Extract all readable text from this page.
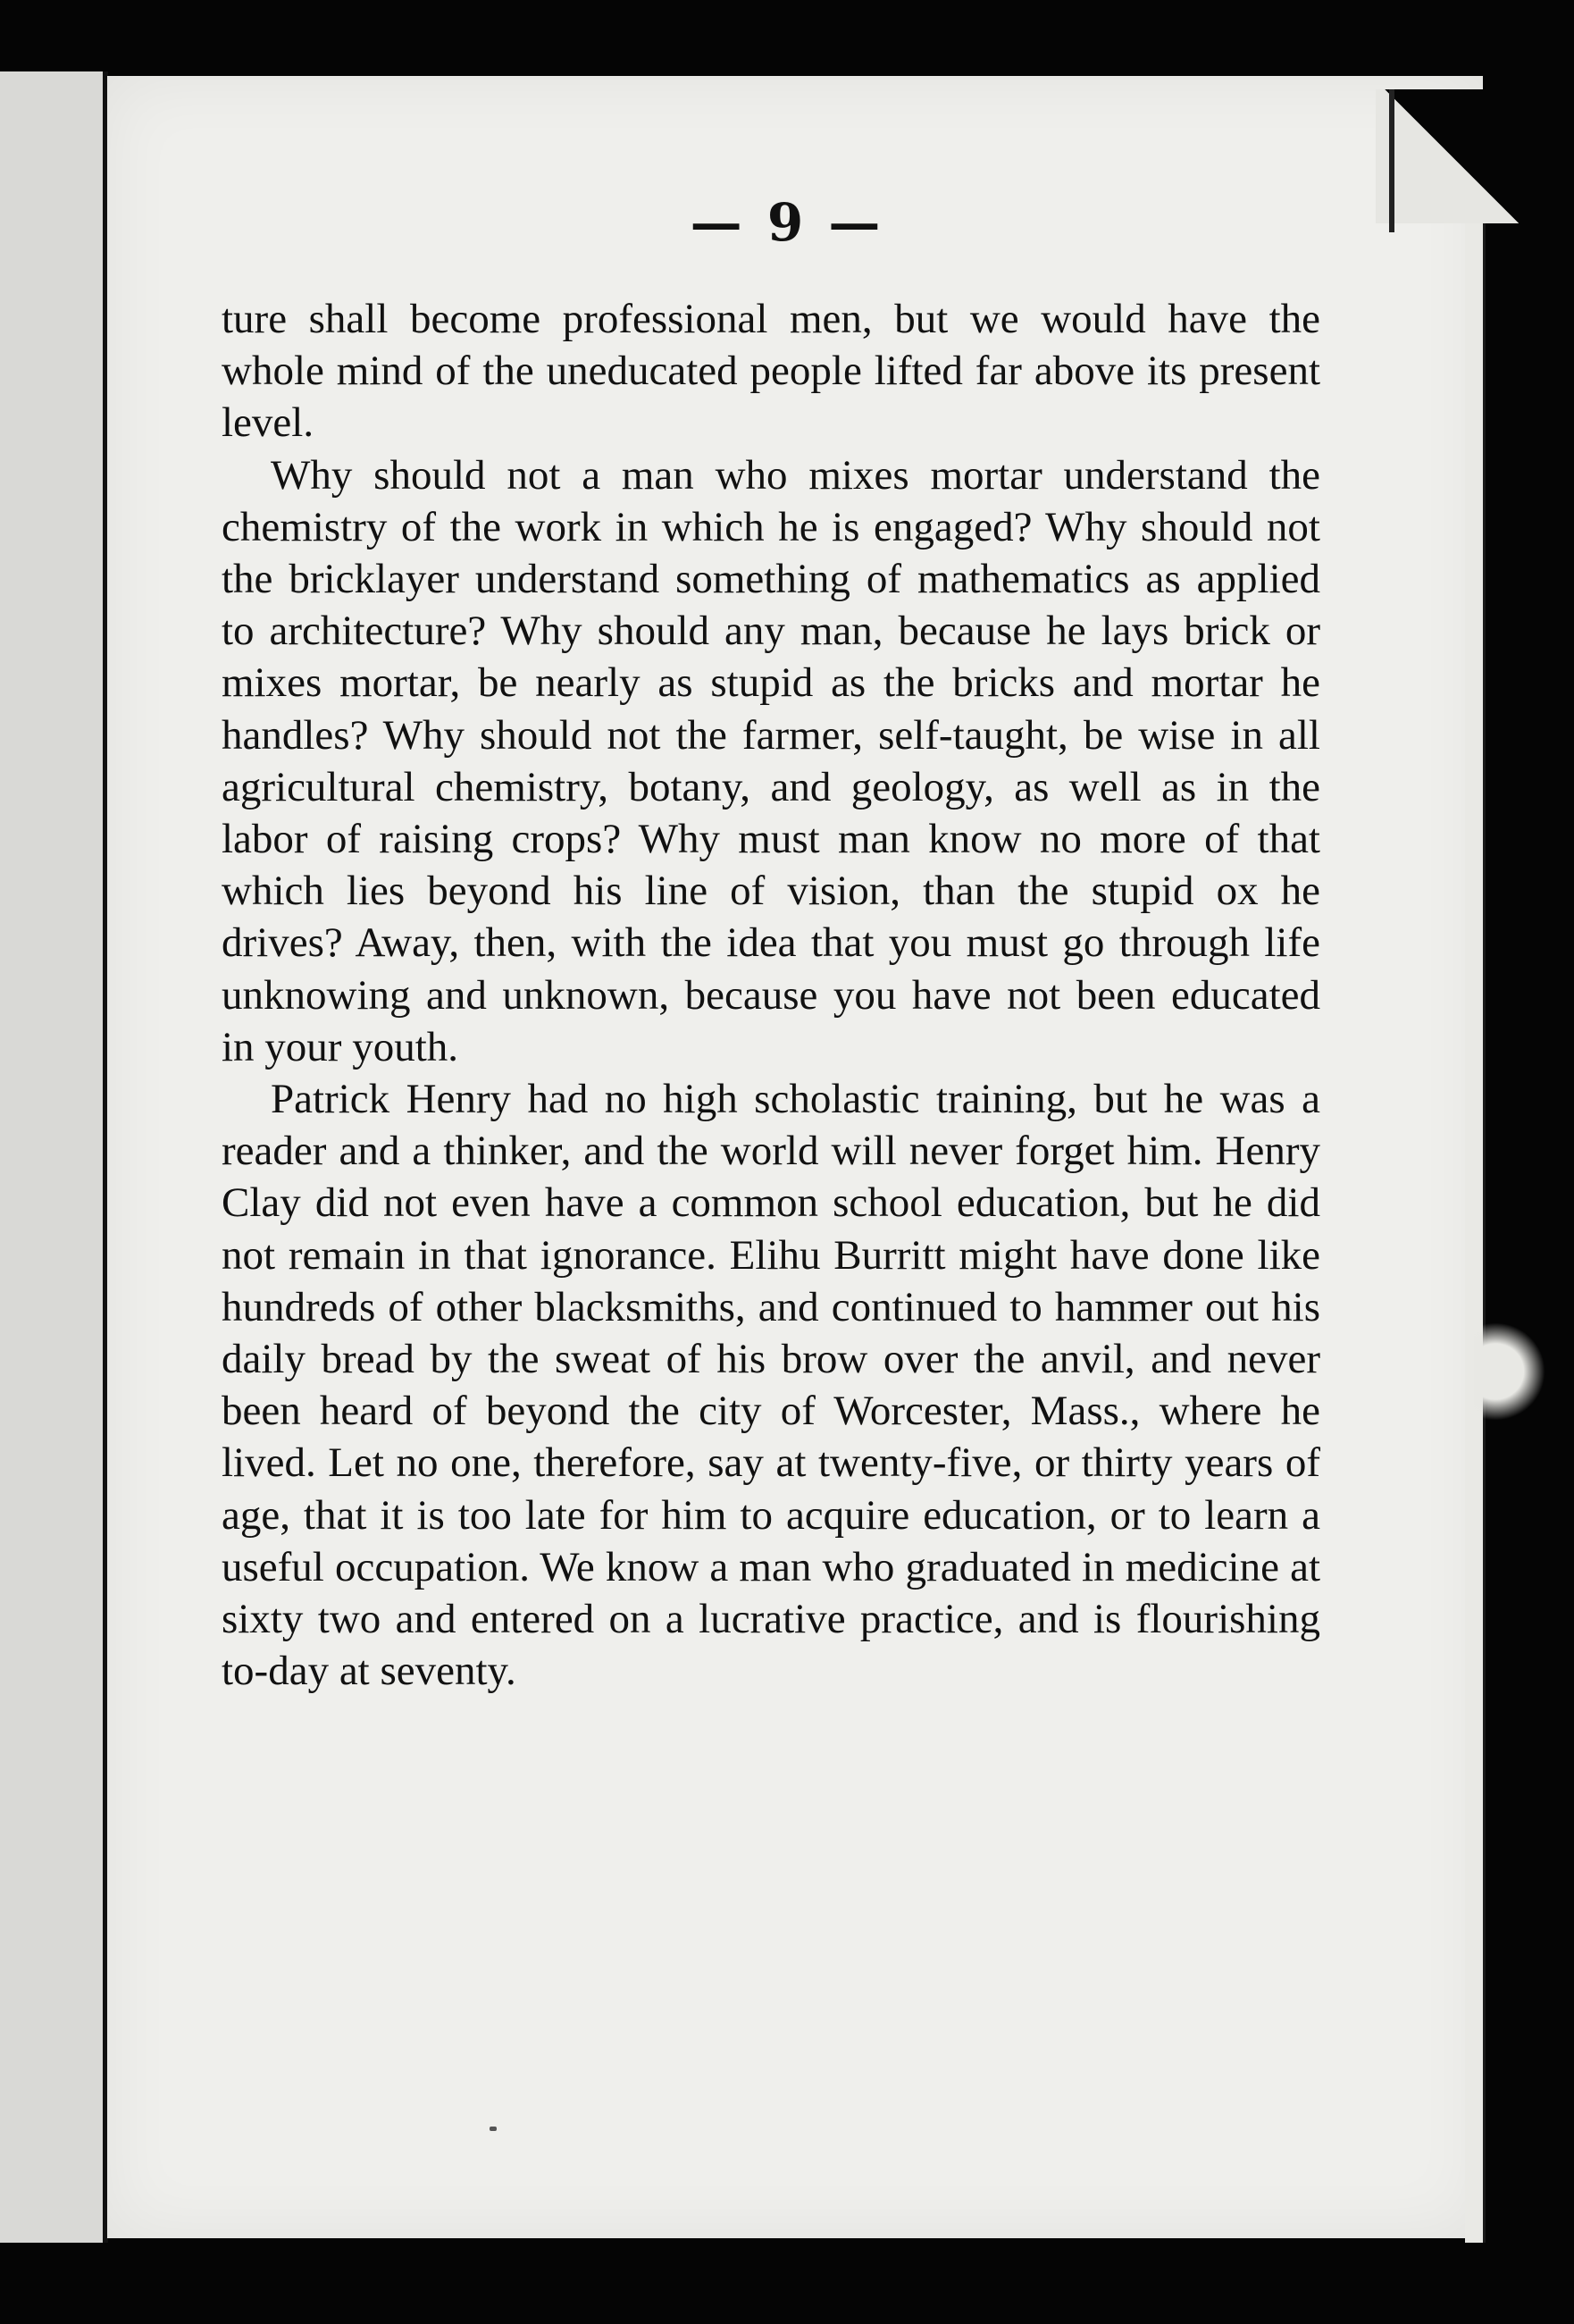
— 9 —

ture shall become professional men, but we would have the whole mind of the uneducated people lifted far above its present level.

Why should not a man who mixes mortar understand the chemistry of the work in which he is engaged? Why should not the bricklayer understand something of mathematics as applied to architecture? Why should any man, because he lays brick or mixes mortar, be nearly as stupid as the bricks and mortar he handles? Why should not the farmer, self-taught, be wise in all agricultural chemistry, botany, and geology, as well as in the labor of raising crops? Why must man know no more of that which lies beyond his line of vision, than the stupid ox he drives? Away, then, with the idea that you must go through life unknowing and unknown, because you have not been educated in your youth.

Patrick Henry had no high scholastic training, but he was a reader and a thinker, and the world will never forget him. Henry Clay did not even have a common school education, but he did not remain in that ignorance. Elihu Burritt might have done like hundreds of other blacksmiths, and continued to hammer out his daily bread by the sweat of his brow over the anvil, and never been heard of beyond the city of Worcester, Mass., where he lived. Let no one, therefore, say at twenty-five, or thirty years of age, that it is too late for him to acquire education, or to learn a useful occupation. We know a man who graduated in medicine at sixty two and entered on a lucrative practice, and is flourishing to-day at seventy.
